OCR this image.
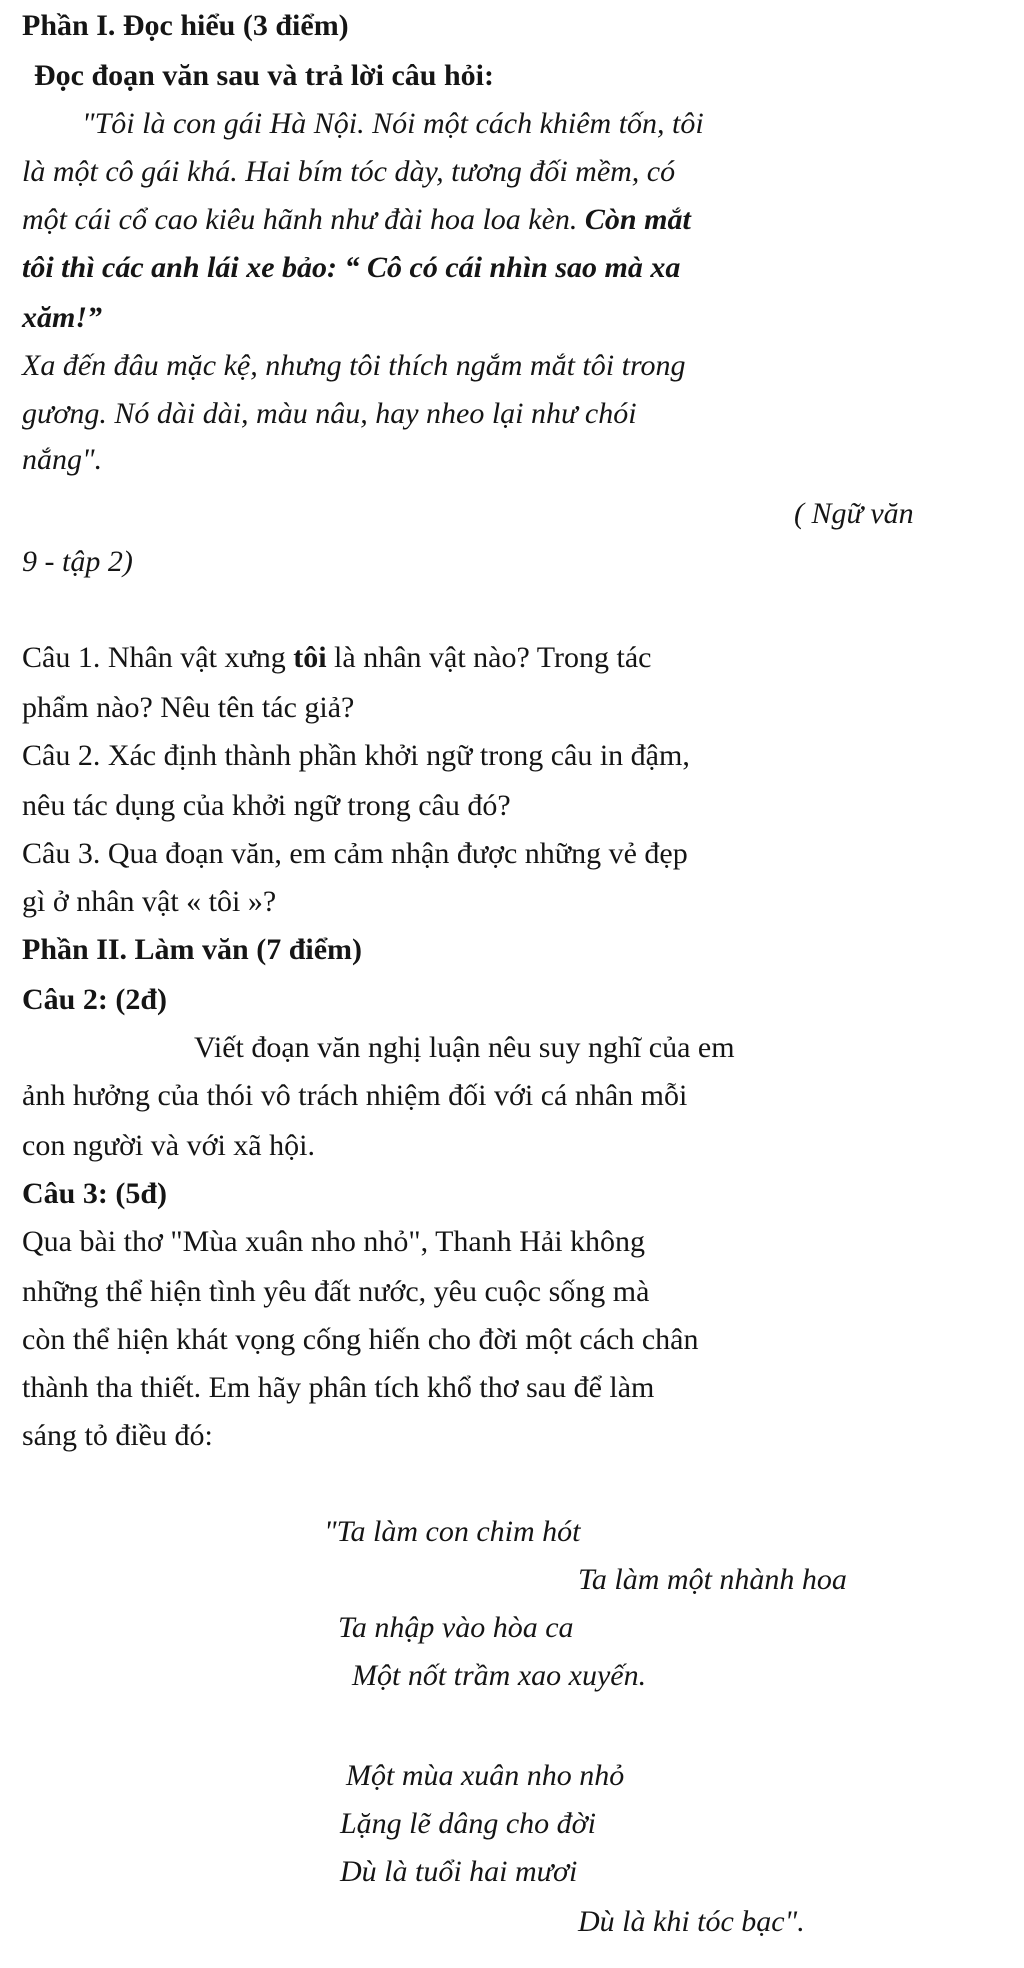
Phần I. Đọc hiểu (3 điểm)
Đọc đoạn văn sau và trả lời câu hỏi:
"Tôi là con gái Hà Nội. Nói một cách khiêm tốn, tôi
là một cô gái khá. Hai bím tóc dày, tương đối mềm, có
một cái cổ cao kiêu hãnh như đài hoa loa kèn. Còn mắt
tôi thì các anh lái xe bảo: “ Cô có cái nhìn sao mà xa
xăm!”
Xa đến đâu mặc kệ, nhưng tôi thích ngắm mắt tôi trong
gương. Nó dài dài, màu nâu, hay nheo lại như chói
nắng".
( Ngữ văn
9 - tập 2)
Câu 1. Nhân vật xưng tôi là nhân vật nào? Trong tác
phẩm nào? Nêu tên tác giả?
Câu 2. Xác định thành phần khởi ngữ trong câu in đậm,
nêu tác dụng của khởi ngữ trong câu đó?
Câu 3. Qua đoạn văn, em cảm nhận được những vẻ đẹp
gì ở nhân vật « tôi »?
Phần II. Làm văn (7 điểm)
Câu 2: (2đ)
Viết đoạn văn nghị luận nêu suy nghĩ của em
ảnh hưởng của thói vô trách nhiệm đối với cá nhân mỗi
con người và với xã hội.
Câu 3: (5đ)
Qua bài thơ "Mùa xuân nho nhỏ", Thanh Hải không
những thể hiện tình yêu đất nước, yêu cuộc sống mà
còn thể hiện khát vọng cống hiến cho đời một cách chân
thành tha thiết. Em hãy phân tích khổ thơ sau để làm
sáng tỏ điều đó:
"Ta làm con chim hót
Ta làm một nhành hoa
Ta nhập vào hòa ca
Một nốt trầm xao xuyến.
Một mùa xuân nho nhỏ
Lặng lẽ dâng cho đời
Dù là tuổi hai mươi
Dù là khi tóc bạc".
